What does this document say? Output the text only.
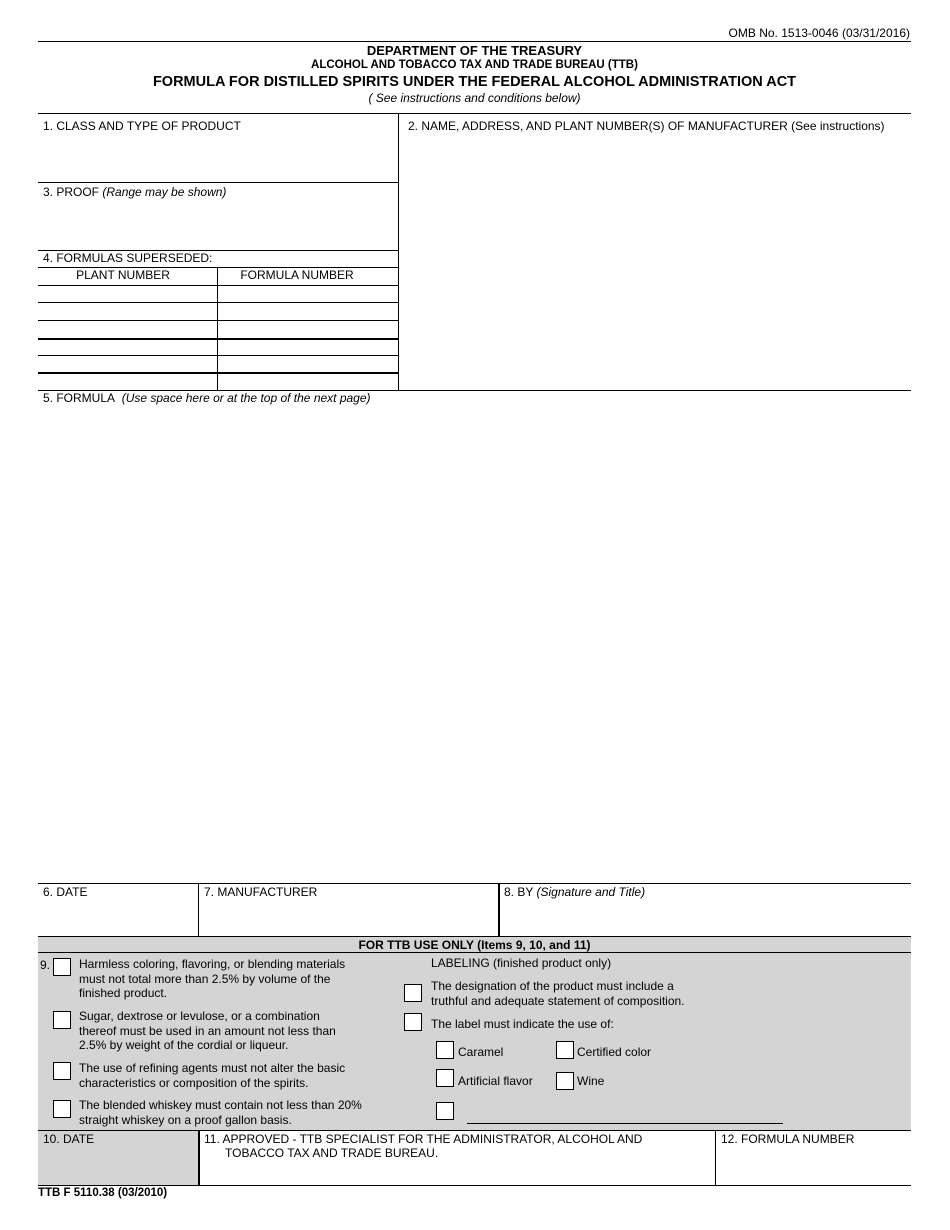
OMB No. 1513-0046 (03/31/2016)
DEPARTMENT OF THE TREASURY
ALCOHOL AND TOBACCO TAX AND TRADE BUREAU (TTB)
FORMULA FOR DISTILLED SPIRITS UNDER THE FEDERAL ALCOHOL ADMINISTRATION ACT
( See instructions and conditions below)
1. CLASS AND TYPE OF PRODUCT	2. NAME, ADDRESS, AND PLANT NUMBER(S) OF MANUFACTURER (See instructions)
3. PROOF (Range may be shown)
4. FORMULAS SUPERSEDED:
PLANT NUMBER	FORMULA NUMBER
5. FORMULA (Use space here or at the top of the next page)
6. DATE	7. MANUFACTURER	8. BY (Signature and Title)
FOR TTB USE ONLY (Items 9, 10, and 11)
9. Harmless coloring, flavoring, or blending materials must not total more than 2.5% by volume of the finished product.
Sugar, dextrose or levulose, or a combination thereof must be used in an amount not less than 2.5% by weight of the cordial or liqueur.
The use of refining agents must not alter the basic characteristics or composition of the spirits.
The blended whiskey must contain not less than 20% straight whiskey on a proof gallon basis.
LABELING (finished product only)
The designation of the product must include a truthful and adequate statement of composition.
The label must indicate the use of:
Caramel	Certified color
Artificial flavor	Wine
10. DATE	11. APPROVED - TTB SPECIALIST FOR THE ADMINISTRATOR, ALCOHOL AND
TOBACCO TAX AND TRADE BUREAU.
12. FORMULA NUMBER
TTB F 5110.38 (03/2010)
